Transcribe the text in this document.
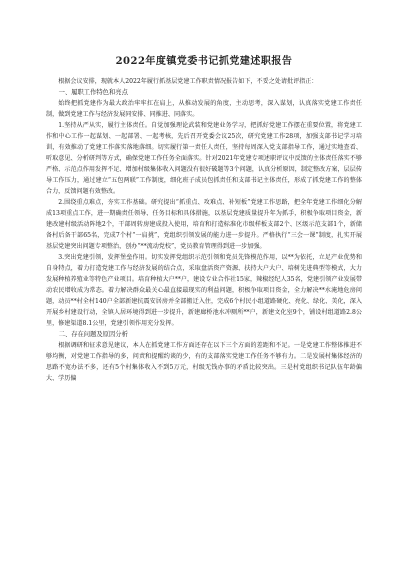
2022年度镇党委书记抓党建述职报告

根据会议安排，现就本人2022年履行抓基层党建工作职责情况报告如下，不妥之处请批评指正：

一、履职工作特色和亮点

始终把抓党建作为最大政治牢牢扛在肩上，从推动发展的角度，主动思考，深入谋划，认真落实党建工作责任制，做到党建工作与经济发展同安排、同推进、同落实。

1.坚持从严从实，履行主体责任。自觉加强理论武装和党建业务学习，把抓好党建工作摆在重要位置，将党建工作和中心工作一起谋划、一起部署、一起考核，先后召开党委会议25次，研究党建工作28项，加强支部书记学习培训，有效推动了党建工作落实落地落细。切实履行第一责任人责任，坚持每周深入党支部指导工作，通过实地查看、听取意见、分析研判等方式，确保党建工作任务全面落实。针对2021年党建专项述职评议中反馈的主体责任落实不够严格、示范点作用发挥不足、增加村级集体收入问题没有很好破题等3个问题，认真分析原因，制定整改方案，层层传导工作压力，通过建立“五包两联”工作制度，细化班子成员包抓责任和支部书记主体责任，形成了抓党建工作的整体合力，反馈问题有效整改。

2.围绕重点难点，夯实工作基础。研究提出“抓重点、攻难点、补短板”党建工作思路，把全年党建工作细化分解成13项重点工作，进一期确责任领导、任务目标和具体措施，以基层党建质量提升年为抓手，积极争取项目资金，新建改建村级活动阵地2个，干部周转房建成投入使用，培育和打造标准化市级样板支部2个、区级示范支部1个，新储备村后备干部65名，完成7个村“一肩挑”，党组织引领发展的能力进一步提升。严格执行“三会一课”制度，扎实开展基层党建突出问题专项整治，创办“**流动党校”，党员教育管理得到进一步加强。

3.突出党建引领，发挥堡垒作用。切实发挥党组织示范引领和党员先锋模范作用，以**为依托，立足产业优势和自身特点，着力打造党建工作与经济发展的结合点，采取盘活资产资源、扶持大户大户、培树先进典型等模式，大力发展种植养殖业等特色产业项目。培育种植大户**户，建设专业合作社15家，辣椒经纪人35名，党建引领产业发展带动农民增收成为常态。着力解决群众最关心最直接最现实的利益问题，积极争取项目资金，全力解决**水淹地危房问题，动员**村全村140户全部新建抗震安居房并全部搬迁入住，完成6个村民小组道路硬化、亮化、绿化、美化，深入开展乡村建设行动，全镇人居环境得到进一步提升，新建廊桥池水冲厕所**户，新建文化室9个，铺设村组道路2.8公里，修建渠道8.1公里，党建引领作用充分发挥。

二、存在问题及原因分析

根据调研和征求意见建议，本人在抓党建工作方面还存在以下三个方面的差距和不足。一是党建工作整体推进不够均衡，对党建工作指导的多，问责和提醒约谈的少，有的支部落实党建工作任务不够有力。二是发展村集体经济的思路不宽办法不多，还有5个村集体收入不到5万元，村级无钱办事的矛盾比较突出。三是村党组织书记队伍年龄偏大、学历偏
